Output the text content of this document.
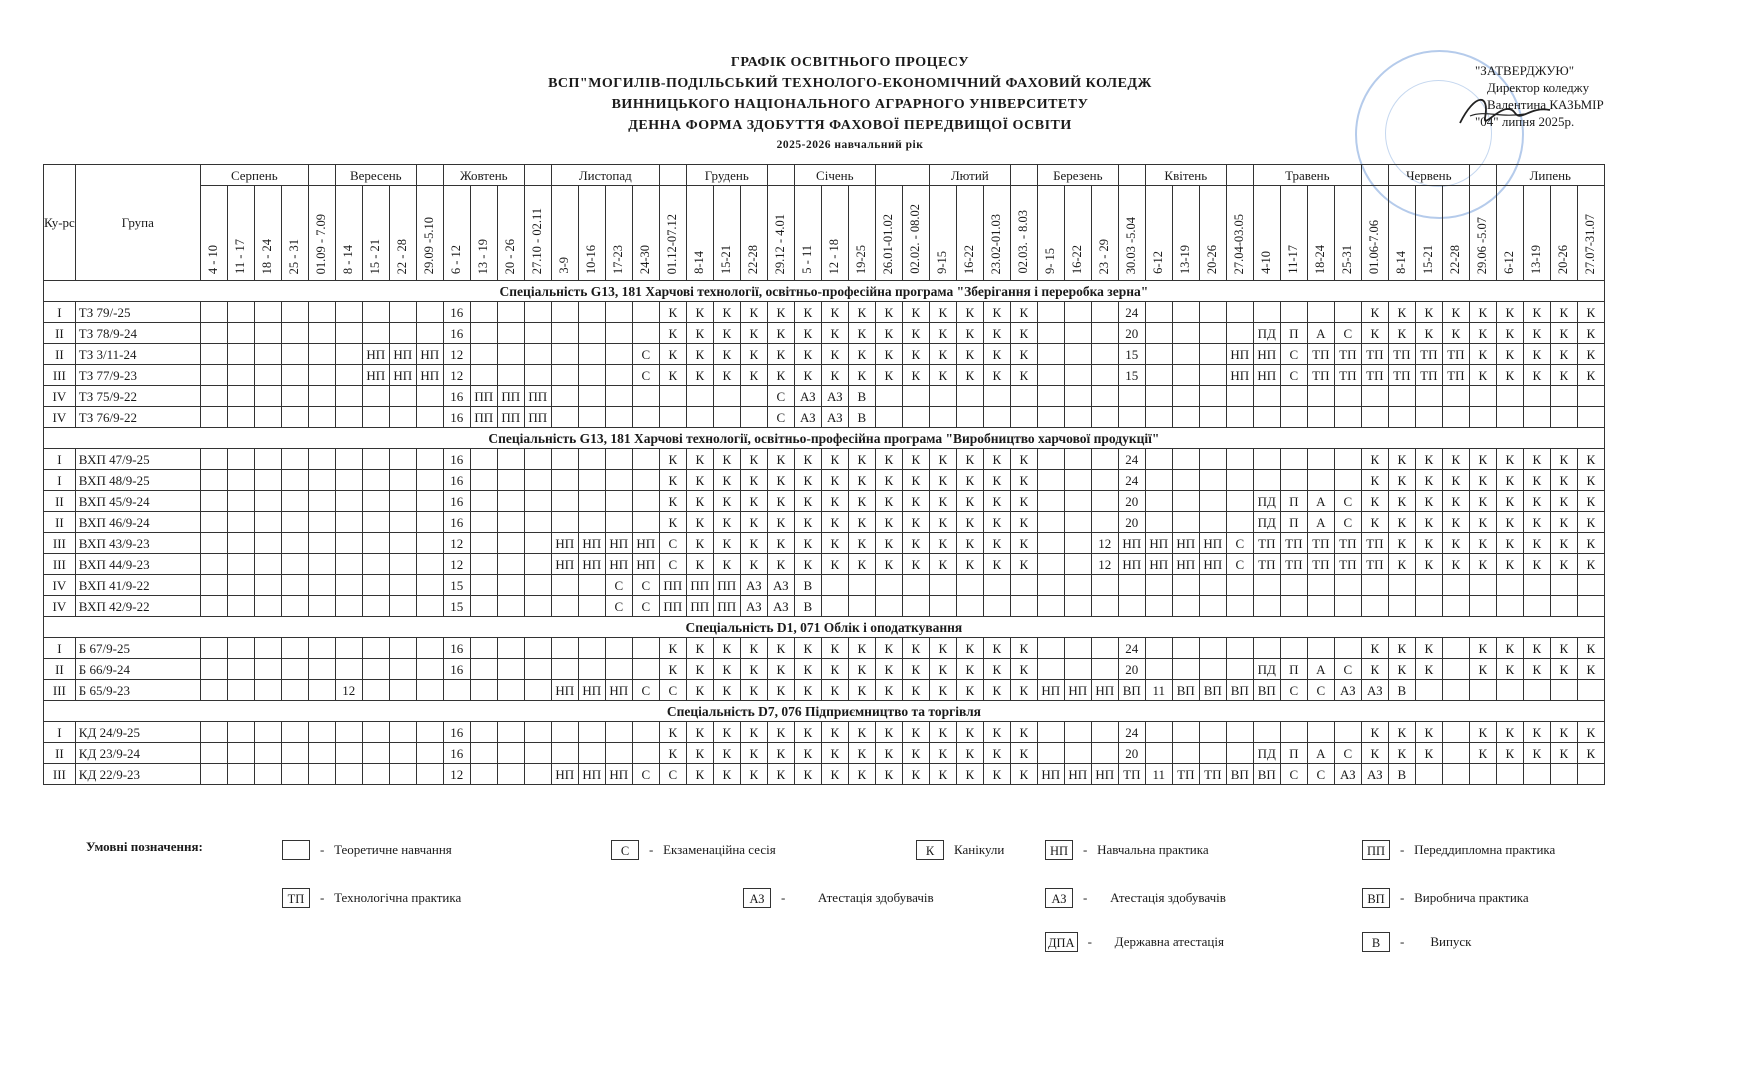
ГРАФІК ОСВІТНЬОГО ПРОЦЕСУ
ВСП"МОГИЛІВ-ПОДІЛЬСЬКИЙ ТЕХНОЛОГО-ЕКОНОМІЧНИЙ ФАХОВИЙ КОЛЕДЖ
ВИННИЦЬКОГО НАЦІОНАЛЬНОГО АГРАРНОГО УНІВЕРСИТЕТУ
ДЕННА ФОРМА ЗДОБУТТЯ ФАХОВОЇ ПЕРЕДВИЩОЇ ОСВІТИ
2025-2026 навчальний рік
"ЗАТВЕРДЖУЮ"
Директор коледжу
Валентина КАЗЬМІР
"04" липня 2025р.
Ку-рс	Група	Серпень					Вересень				Жовтень				Листопад					Грудень				Січень					Лютий				Березень				Квітень				Травень					Червень				Липень			
		4 - 10	11 - 17	18 - 24	25 - 31	01.09 - 7.09	8 - 14	15 - 21	22 - 28	29.09 -5.10	6 - 12	13 - 19	20 - 26	27.10 - 02.11	3-9	10-16	17-23	24-30	01.12-07.12	8-14	15-21	22-28	29.12 - 4.01	5 - 11	12 - 18	19-25	26.01-01.02	02.02. - 08.02	9-15	16-22	23.02-01.03	02.03. - 8.03	9- 15	16-22	23 - 29	30.03 -5.04	6-12	13-19	20-26	27.04-03.05	4-10	11-17	18-24	25-31	01.06-7.06	8-14	15-21	22-28	29.06 -5.07	6-12	13-19	20-26	27.07-31.07
Спеціальність G13, 181 Харчові технології, освітньо-професійна програма "Зберігання і переробка зерна"																																																					
I	ТЗ 79/-25										16								К	К	К	К	К	К	К	К	К	К	К	К	К	К				24									К	К	К	К	К	К	К	К	К
II	ТЗ 78/9-24										16								К	К	К	К	К	К	К	К	К	К	К	К	К	К				20					ПД	П	А	С	К	К	К	К	К	К	К	К	К
II	ТЗ 3/11-24							НП	НП	НП	12							С	К	К	К	К	К	К	К	К	К	К	К	К	К	К				15				НП	НП	С	ТП	ТП	ТП	ТП	ТП	ТП	К	К	К	К	К
III	ТЗ 77/9-23							НП	НП	НП	12							С	К	К	К	К	К	К	К	К	К	К	К	К	К	К				15				НП	НП	С	ТП	ТП	ТП	ТП	ТП	ТП	К	К	К	К	К
IV	ТЗ 75/9-22										16	ПП	ПП	ПП									С	АЗ	АЗ	В																											
IV	ТЗ 76/9-22										16	ПП	ПП	ПП									С	АЗ	АЗ	В																											
Спеціальність G13, 181 Харчові технології, освітньо-професійна програма "Виробництво харчової продукції"																																																					
I	ВХП 47/9-25										16								К	К	К	К	К	К	К	К	К	К	К	К	К	К				24									К	К	К	К	К	К	К	К	К
I	ВХП 48/9-25										16								К	К	К	К	К	К	К	К	К	К	К	К	К	К				24									К	К	К	К	К	К	К	К	К
II	ВХП 45/9-24										16								К	К	К	К	К	К	К	К	К	К	К	К	К	К				20					ПД	П	А	С	К	К	К	К	К	К	К	К	К
II	ВХП 46/9-24										16								К	К	К	К	К	К	К	К	К	К	К	К	К	К				20					ПД	П	А	С	К	К	К	К	К	К	К	К	К
III	ВХП 43/9-23										12				НП	НП	НП	НП	С	К	К	К	К	К	К	К	К	К	К	К	К	К			12	НП	НП	НП	НП	С	ТП	ТП	ТП	ТП	ТП	К	К	К	К	К	К	К	К
III	ВХП 44/9-23										12				НП	НП	НП	НП	С	К	К	К	К	К	К	К	К	К	К	К	К	К			12	НП	НП	НП	НП	С	ТП	ТП	ТП	ТП	ТП	К	К	К	К	К	К	К	К
IV	ВХП 41/9-22										15						С	С	ПП	ПП	ПП	АЗ	АЗ	В																													
IV	ВХП 42/9-22										15						С	С	ПП	ПП	ПП	АЗ	АЗ	В																													
Спеціальність D1, 071 Облік і оподаткування																																																					
I	Б 67/9-25										16								К	К	К	К	К	К	К	К	К	К	К	К	К	К				24									К	К	К		К	К	К	К	К
II	Б 66/9-24										16								К	К	К	К	К	К	К	К	К	К	К	К	К	К				20					ПД	П	А	С	К	К	К		К	К	К	К	К
III	Б 65/9-23						12								НП	НП	НП	С	С	К	К	К	К	К	К	К	К	К	К	К	К	К	НП	НП	НП	ВП	11	ВП	ВП	ВП	ВП	С	С	АЗ	АЗ	В							
Спеціальність D7, 076 Підприємництво та торгівля																																																					
I	КД 24/9-25										16								К	К	К	К	К	К	К	К	К	К	К	К	К	К				24									К	К	К		К	К	К	К	К
II	КД 23/9-24										16								К	К	К	К	К	К	К	К	К	К	К	К	К	К				20					ПД	П	А	С	К	К	К		К	К	К	К	К
III	КД 22/9-23										12				НП	НП	НП	С	С	К	К	К	К	К	К	К	К	К	К	К	К	К	НП	НП	НП	ТП	11	ТП	ТП	ВП	ВП	С	С	АЗ	АЗ	В							
Умовні позначення:	-   Теоретичне навчання	С	-   Екзаменаційна сесія	К	Канікули	НП	-   Навчальна практика	ПП	-   Переддипломна практика
ТП	-   Технологічна практика	АЗ	-          Атестація здобувачів	АЗ	-       Атестація здобувачів	ВП	-   Виробнича практика
ДПА -       Державна атестація	В	-        Випуск
